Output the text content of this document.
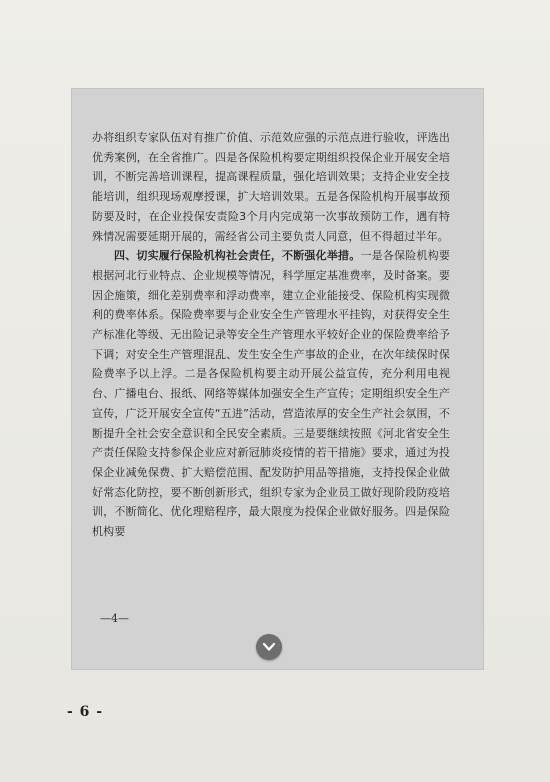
办将组织专家队伍对有推广价值、示范效应强的示范点进行验收，评选出优秀案例，在全省推广。四是各保险机构要定期组织投保企业开展安全培训，不断完善培训课程，提高课程质量，强化培训效果；支持企业安全技能培训，组织现场观摩授课，扩大培训效果。五是各保险机构开展事故预防要及时，在企业投保安责险3个月内完成第一次事故预防工作，遇有特殊情况需要延期开展的，需经省公司主要负责人同意，但不得超过半年。

四、切实履行保险机构社会责任，不断强化举措。一是各保险机构要根据河北行业特点、企业规模等情况，科学厘定基准费率，及时备案。要因企施策，细化差别费率和浮动费率，建立企业能接受、保险机构实现微利的费率体系。保险费率要与企业安全生产管理水平挂钩，对获得安全生产标准化等级、无出险记录等安全生产管理水平较好企业的保险费率给予下调；对安全生产管理混乱、发生安全生产事故的企业，在次年续保时保险费率予以上浮。二是各保险机构要主动开展公益宣传，充分利用电视台、广播电台、报纸、网络等媒体加强安全生产宣传；定期组织安全生产宣传，广泛开展安全宣传“五进”活动，营造浓厚的安全生产社会氛围，不断提升全社会安全意识和全民安全素质。三是要继续按照《河北省安全生产责任保险支持参保企业应对新冠肺炎疫情的若干措施》要求，通过为投保企业减免保费、扩大赔偿范围、配发防护用品等措施，支持投保企业做好常态化防控，要不断创新形式，组织专家为企业员工做好现阶段防疫培训，不断简化、优化理赔程序，最大限度为投保企业做好服务。四是保险机构要

—4—
- 6 -
